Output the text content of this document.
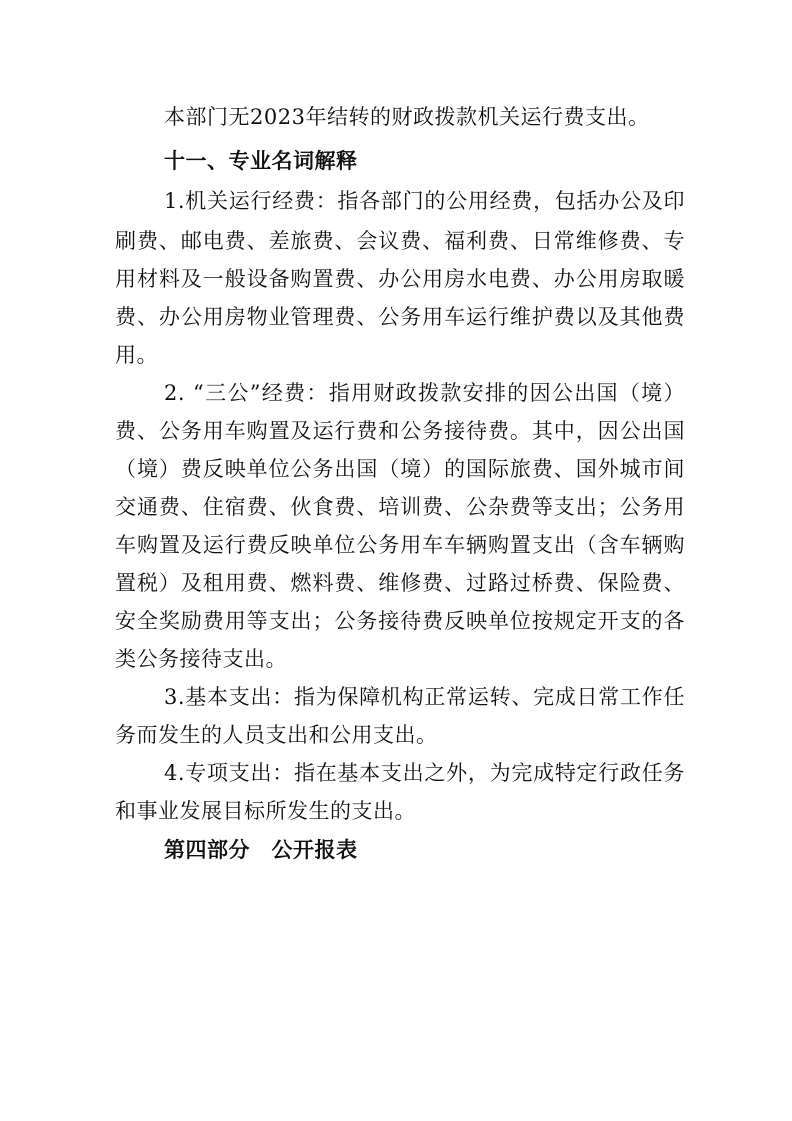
本部门无2023年结转的财政拨款机关运行费支出。
十一、专业名词解释
1.机关运行经费：指各部门的公用经费，包括办公及印
刷费、邮电费、差旅费、会议费、福利费、日常维修费、专
用材料及一般设备购置费、办公用房水电费、办公用房取暖
费、办公用房物业管理费、公务用车运行维护费以及其他费
用。
2. “三公”经费：指用财政拨款安排的因公出国（境）
费、公务用车购置及运行费和公务接待费。其中，因公出国
（境）费反映单位公务出国（境）的国际旅费、国外城市间
交通费、住宿费、伙食费、培训费、公杂费等支出；公务用
车购置及运行费反映单位公务用车车辆购置支出（含车辆购
置税）及租用费、燃料费、维修费、过路过桥费、保险费、
安全奖励费用等支出；公务接待费反映单位按规定开支的各
类公务接待支出。
3.基本支出：指为保障机构正常运转、完成日常工作任
务而发生的人员支出和公用支出。
4.专项支出：指在基本支出之外，为完成特定行政任务
和事业发展目标所发生的支出。
第四部分　公开报表
